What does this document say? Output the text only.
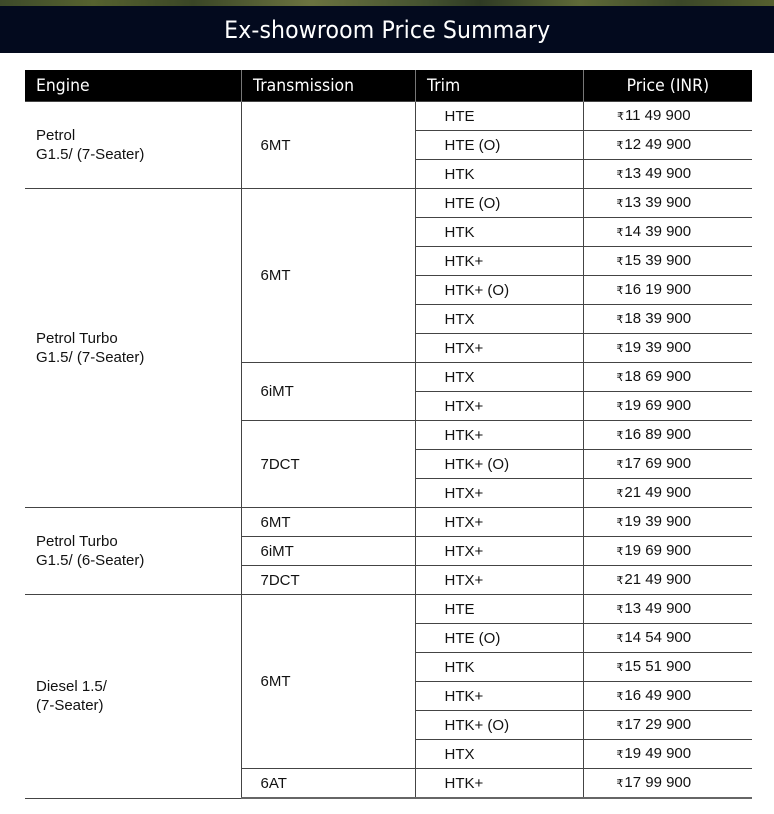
Ex-showroom Price Summary
Engine	Transmission	Trim	Price (INR)

Petrol
G1.5/ (7-Seater)	6MT	HTE	₹11 49 900
		HTE (O)	₹12 49 900
		HTK	₹13 49 900

Petrol Turbo
G1.5/ (7-Seater)	6MT	HTE (O)	₹13 39 900
		HTK	₹14 39 900
		HTK+	₹15 39 900
		HTK+ (O)	₹16 19 900
		HTX	₹18 39 900
		HTX+	₹19 39 900
	6iMT	HTX	₹18 69 900
		HTX+	₹19 69 900
	7DCT	HTK+	₹16 89 900
		HTK+ (O)	₹17 69 900
		HTX+	₹21 49 900

Petrol Turbo
G1.5/ (6-Seater)	6MT	HTX+	₹19 39 900
	6iMT	HTX+	₹19 69 900
	7DCT	HTX+	₹21 49 900

Diesel 1.5/
(7-Seater)	6MT	HTE	₹13 49 900
		HTE (O)	₹14 54 900
		HTK	₹15 51 900
		HTK+	₹16 49 900
		HTK+ (O)	₹17 29 900
		HTX	₹19 49 900
	6AT	HTK+	₹17 99 900
